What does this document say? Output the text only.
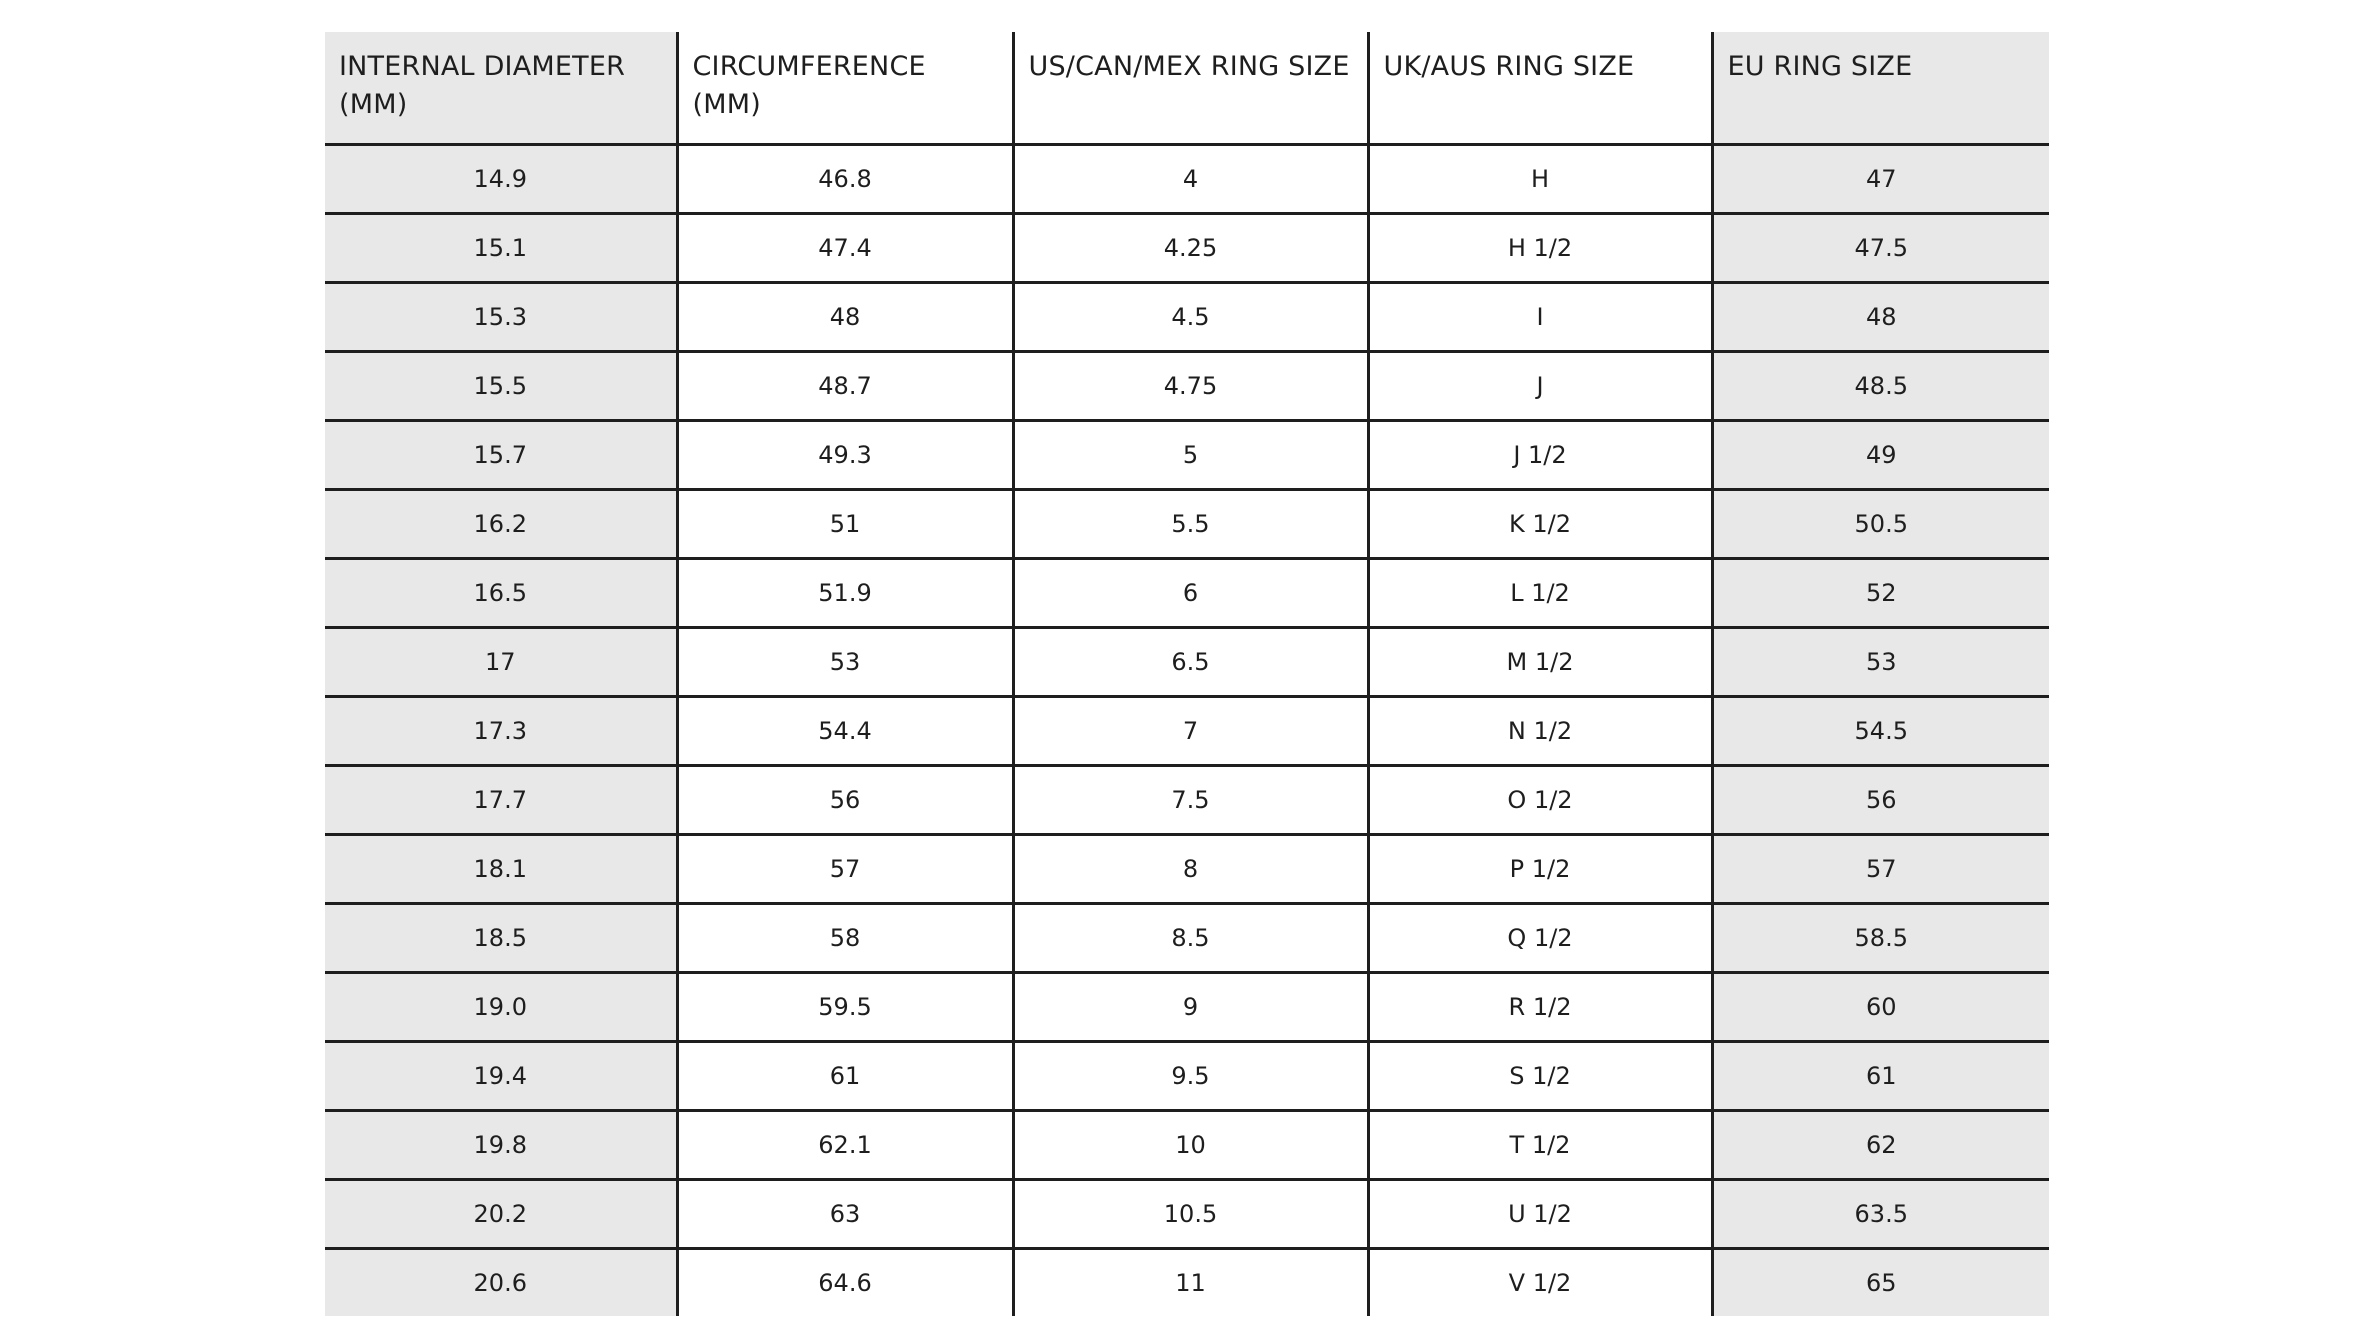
INTERNAL DIAMETER (MM)	CIRCUMFERENCE (MM)	US/CAN/MEX RING SIZE	UK/AUS RING SIZE	EU RING SIZE

14.9	46.8	4	H	47
15.1	47.4	4.25	H 1/2	47.5
15.3	48	4.5	I	48
15.5	48.7	4.75	J	48.5
15.7	49.3	5	J 1/2	49
16.2	51	5.5	K 1/2	50.5
16.5	51.9	6	L 1/2	52
17	53	6.5	M 1/2	53
17.3	54.4	7	N 1/2	54.5
17.7	56	7.5	O 1/2	56
18.1	57	8	P 1/2	57
18.5	58	8.5	Q 1/2	58.5
19.0	59.5	9	R 1/2	60
19.4	61	9.5	S 1/2	61
19.8	62.1	10	T 1/2	62
20.2	63	10.5	U 1/2	63.5
20.6	64.6	11	V 1/2	65
